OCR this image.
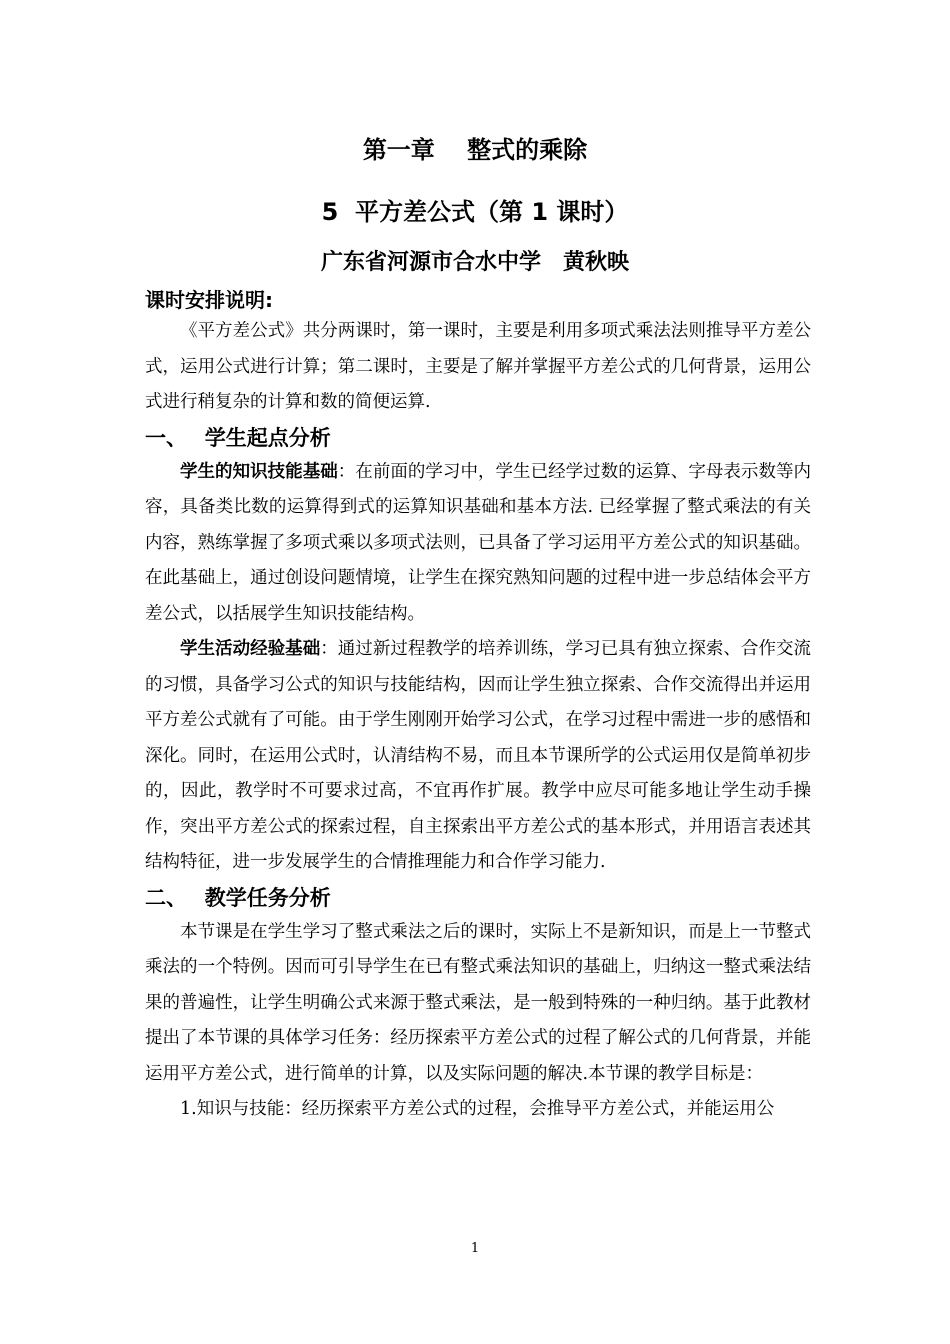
第一章　 整式的乘除
5  平方差公式（第 1 课时）
广东省河源市合水中学　黄秋映

课时安排说明:

《平方差公式》共分两课时，第一课时，主要是利用多项式乘法法则推导平方差公式，运用公式进行计算；第二课时，主要是了解并掌握平方差公式的几何背景，运用公式进行稍复杂的计算和数的简便运算.

一、　 学生起点分析

学生的知识技能基础：在前面的学习中，学生已经学过数的运算、字母表示数等内容，具备类比数的运算得到式的运算知识基础和基本方法. 已经掌握了整式乘法的有关内容，熟练掌握了多项式乘以多项式法则，已具备了学习运用平方差公式的知识基础。在此基础上，通过创设问题情境，让学生在探究熟知问题的过程中进一步总结体会平方差公式，以括展学生知识技能结构。

学生活动经验基础：通过新过程教学的培养训练，学习已具有独立探索、合作交流的习惯，具备学习公式的知识与技能结构，因而让学生独立探索、合作交流得出并运用平方差公式就有了可能。由于学生刚刚开始学习公式，在学习过程中需进一步的感悟和深化。同时，在运用公式时，认清结构不易，而且本节课所学的公式运用仅是简单初步的，因此，教学时不可要求过高，不宜再作扩展。教学中应尽可能多地让学生动手操作，突出平方差公式的探索过程，自主探索出平方差公式的基本形式，并用语言表述其结构特征，进一步发展学生的合情推理能力和合作学习能力.

二、　 教学任务分析

本节课是在学生学习了整式乘法之后的课时，实际上不是新知识，而是上一节整式乘法的一个特例。因而可引导学生在已有整式乘法知识的基础上，归纳这一整式乘法结果的普遍性，让学生明确公式来源于整式乘法，是一般到特殊的一种归纳。基于此教材提出了本节课的具体学习任务：经历探索平方差公式的过程了解公式的几何背景，并能运用平方差公式，进行简单的计算，以及实际问题的解决.本节课的教学目标是：

1.知识与技能：经历探索平方差公式的过程，会推导平方差公式，并能运用公

1
